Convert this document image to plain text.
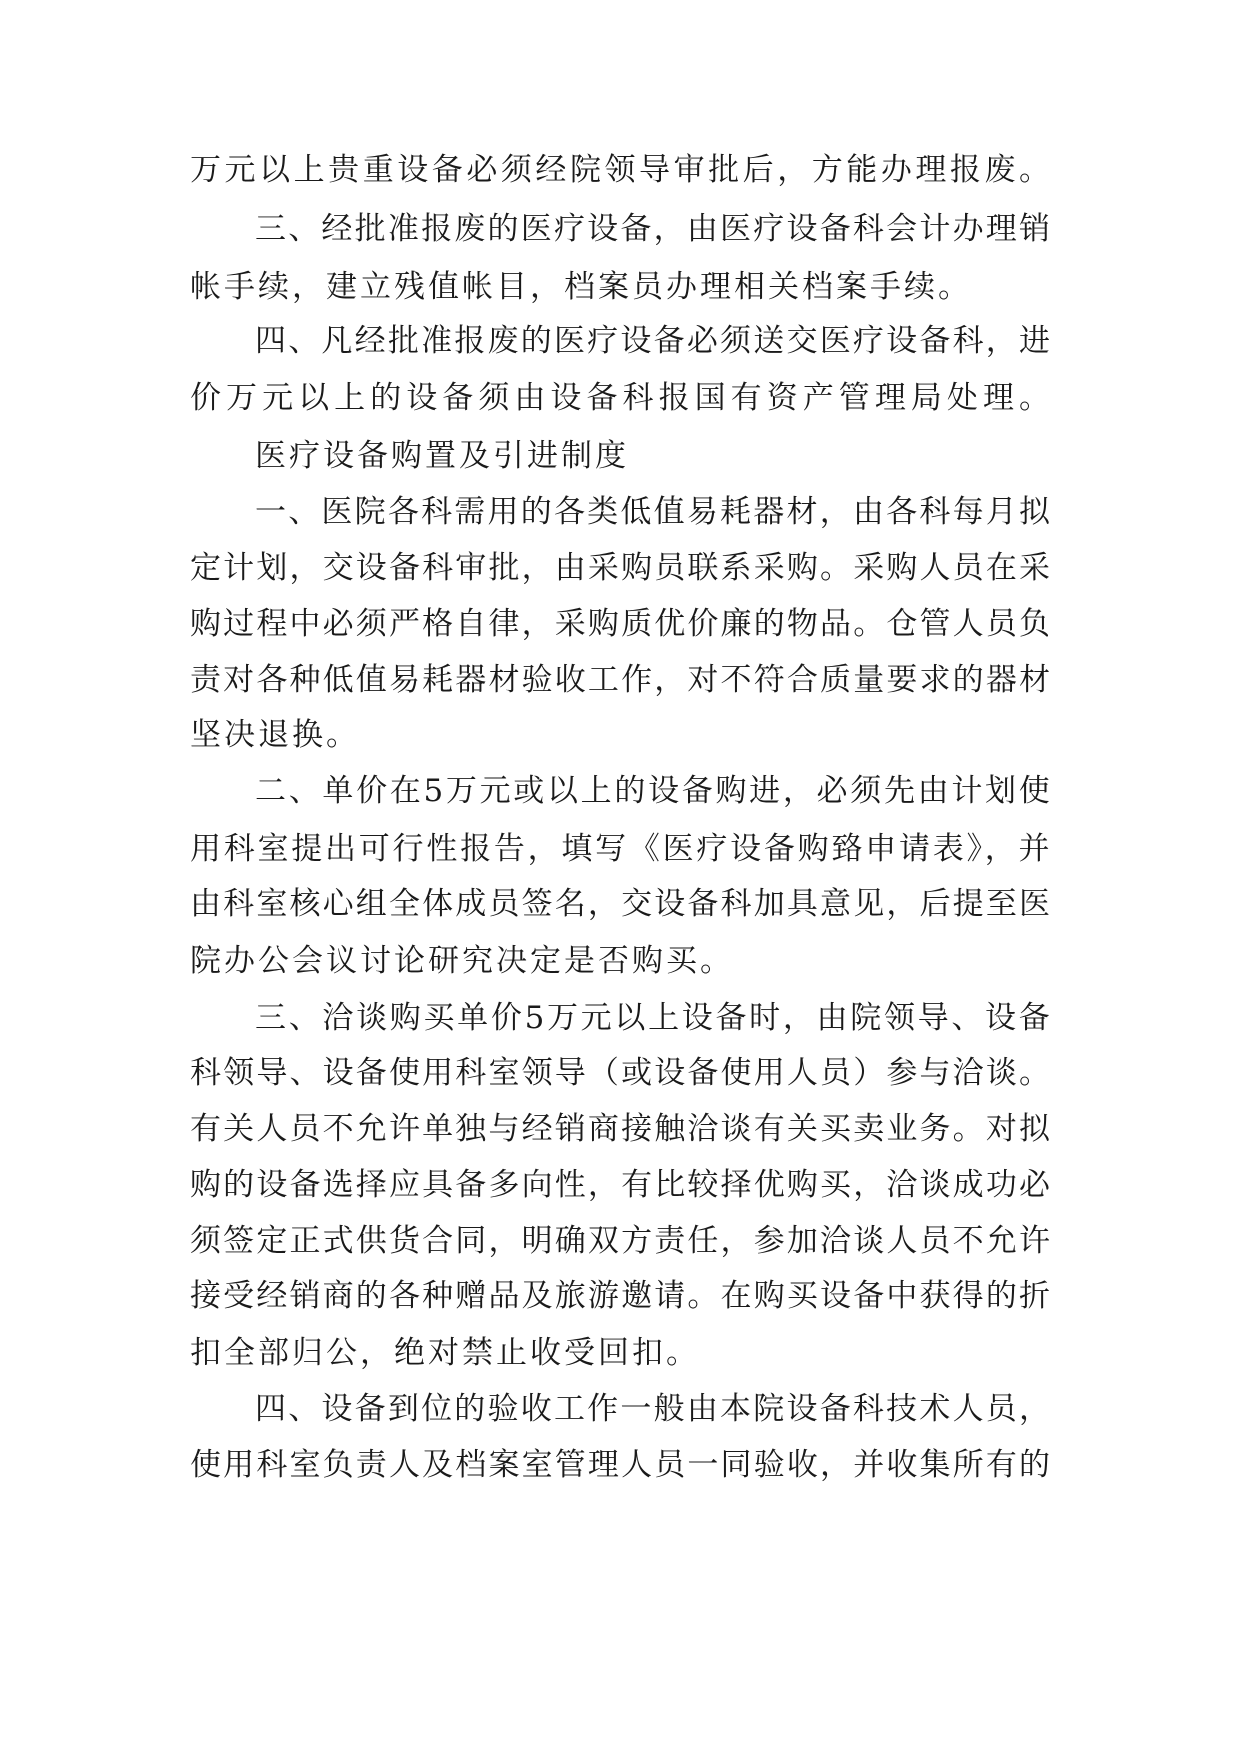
万元以上贵重设备必须经院领导审批后，方能办理报废。
三、经批准报废的医疗设备，由医疗设备科会计办理销
帐手续，建立残值帐目，档案员办理相关档案手续。
四、凡经批准报废的医疗设备必须送交医疗设备科，进
价万元以上的设备须由设备科报国有资产管理局处理。
医疗设备购置及引进制度
一、医院各科需用的各类低值易耗器材，由各科每月拟
定计划，交设备科审批，由采购员联系采购。采购人员在采
购过程中必须严格自律，采购质优价廉的物品。仓管人员负
责对各种低值易耗器材验收工作，对不符合质量要求的器材
坚决退换。
二、单价在5万元或以上的设备购进，必须先由计划使
用科室提出可行性报告，填写《医疗设备购臵申请表》，并
由科室核心组全体成员签名，交设备科加具意见，后提至医
院办公会议讨论研究决定是否购买。
三、洽谈购买单价5万元以上设备时，由院领导、设备
科领导、设备使用科室领导（或设备使用人员）参与洽谈。
有关人员不允许单独与经销商接触洽谈有关买卖业务。对拟
购的设备选择应具备多向性，有比较择优购买，洽谈成功必
须签定正式供货合同，明确双方责任，参加洽谈人员不允许
接受经销商的各种赠品及旅游邀请。在购买设备中获得的折
扣全部归公，绝对禁止收受回扣。
四、设备到位的验收工作一般由本院设备科技术人员，
使用科室负责人及档案室管理人员一同验收，并收集所有的
